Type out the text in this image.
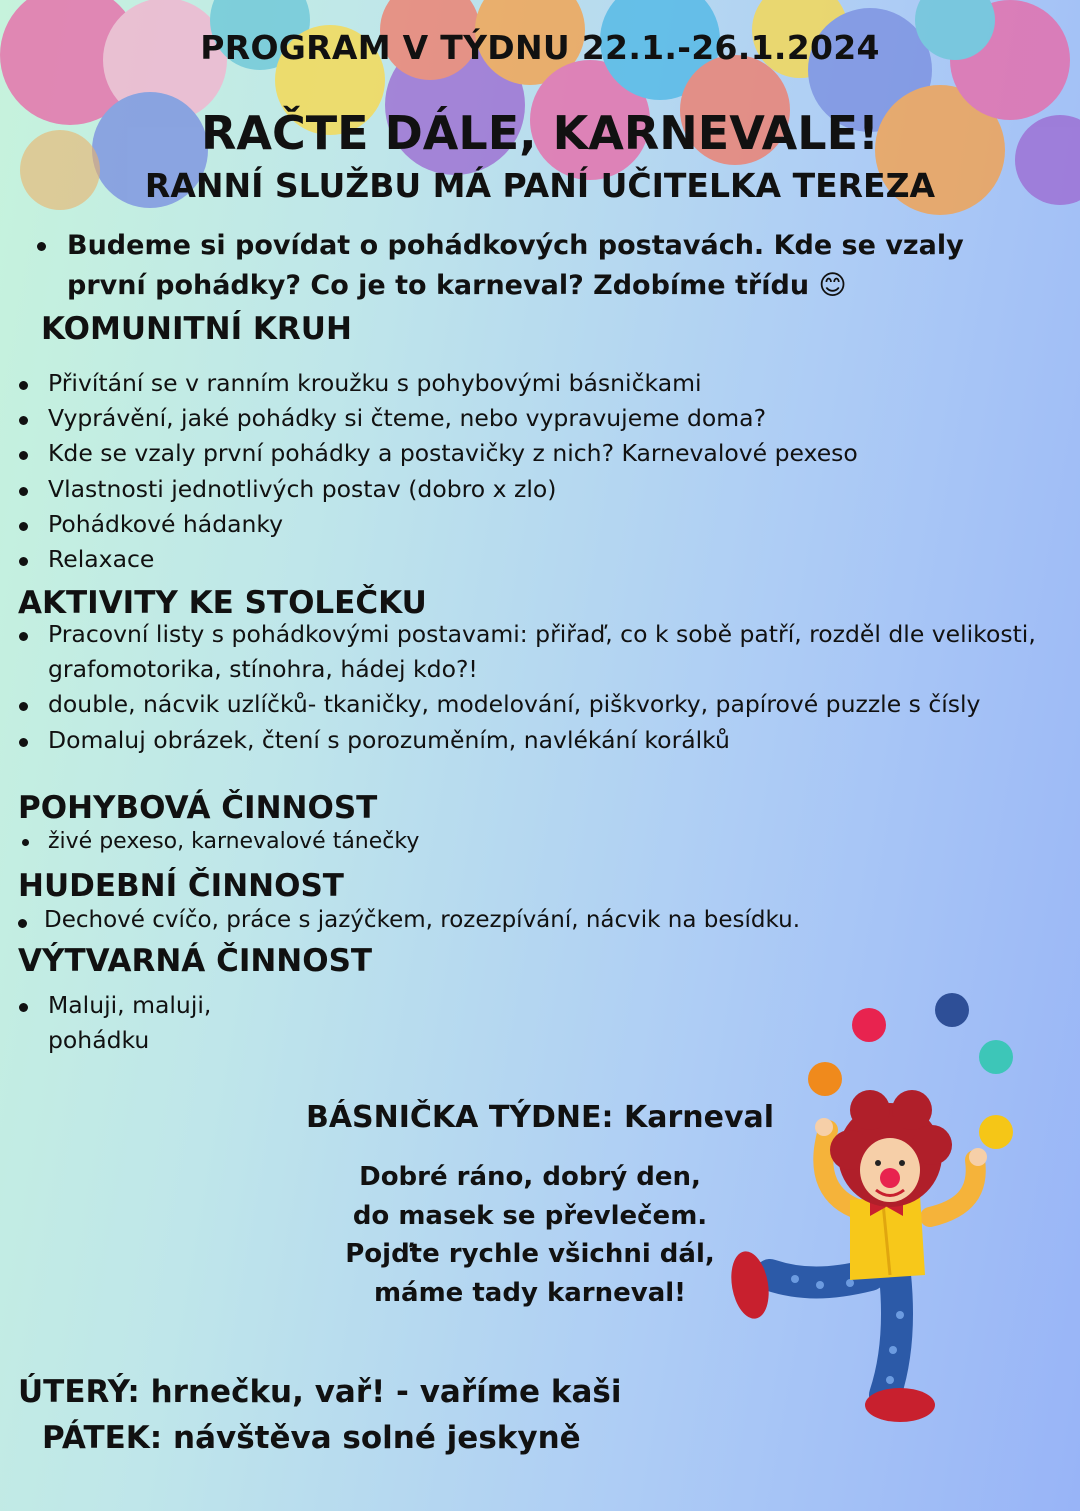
PROGRAM V TÝDNU 22.1.-26.1.2024
RAČTE DÁLE, KARNEVALE!
RANNÍ SLUŽBU MÁ PANÍ UČITELKA TEREZA
Budeme si povídat o pohádkových postavách. Kde se vzaly první pohádky? Co je to karneval? Zdobíme třídu 😊
KOMUNITNÍ KRUH
Přivítání se v ranním kroužku s pohybovými básničkami
Vyprávění, jaké pohádky si čteme, nebo vypravujeme doma?
Kde se vzaly první pohádky a postavičky z nich? Karnevalové pexeso
Vlastnosti jednotlivých postav (dobro x zlo)
Pohádkové hádanky
Relaxace
AKTIVITY KE STOLEČKU
Pracovní listy s pohádkovými postavami: přiřaď, co k sobě patří, rozděl dle velikosti, grafomotorika, stínohra, hádej kdo?!
double, nácvik uzlíčků- tkaničky, modelování, piškvorky, papírové puzzle s čísly
Domaluj obrázek, čtení s porozuměním, navlékání korálků
POHYBOVÁ ČINNOST
živé pexeso, karnevalové tánečky
HUDEBNÍ ČINNOST
Dechové cvíčo, práce s jazýčkem, rozezpívání, nácvik na besídku.
VÝTVARNÁ ČINNOST
Maluji, maluji, pohádku
BÁSNIČKA TÝDNE: Karneval
Dobré ráno, dobrý den,
do masek se převlečem.
Pojďte rychle všichni dál,
máme tady karneval!
ÚTERÝ: hrnečku, vař! - vaříme kaši
PÁTEK: návštěva solné jeskyně
